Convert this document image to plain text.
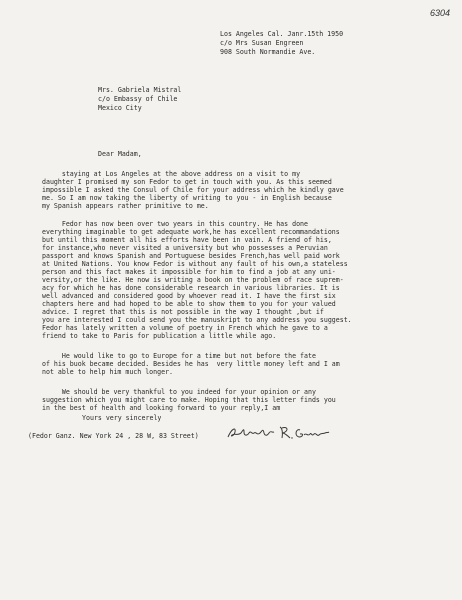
6304
Los Angeles Cal. Janr.15th 1950
c/o Mrs Susan Engreen
908 South Normandie Ave.
Mrs. Gabriela Mistral
c/o Embassy of Chile
Mexico City
Dear Madam,
staying at Los Angeles at the above address on a visit to my
daughter I promised my son Fedor to get in touch with you. As this seemed
impossible I asked the Consul of Chile for your address which he kindly gave
me. So I am now taking the liberty of writing to you - in English because
my Spanish appears rather primitive to me.
Fedor has now been over two years in this country. He has done
everything imaginable to get adequate work,he has excellent recommandations
but until this moment all his efforts have been in vain. A friend of his,
for instance,who never visited a university but who possesses a Peruvian
passport and knows Spanish and Portuguese besides French,has well paid work
at United Nations. You know Fedor is without any fault of his own,a stateless
person and this fact makes it impossible for him to find a job at any uni-
versity,or the like. He now is writing a book on the problem of race suprem-
acy for which he has done considerable research in various libraries. It is
well advanced and considered good by whoever read it. I have the first six
chapters here and had hoped to be able to show them to you for your valued
advice. I regret that this is not possible in the way I thought ,but if
you are interested I could send you the manuskript to any address you suggest.
Fedor has lately written a volume of poetry in French which he gave to a
friend to take to Paris for publication a little while ago.
He would like to go to Europe for a time but not before the fate
of his buok became decided. Besides he has  very little money left and I am
not able to help him much longer.
We should be very thankful to you indeed for your opinion or any
suggestion which you might care to make. Hoping that this letter finds you
in the best of health and looking forward to your reply,I am
Yours very sincerely
(Fedor Ganz. New York 24 , 28 W, 83 Street)
